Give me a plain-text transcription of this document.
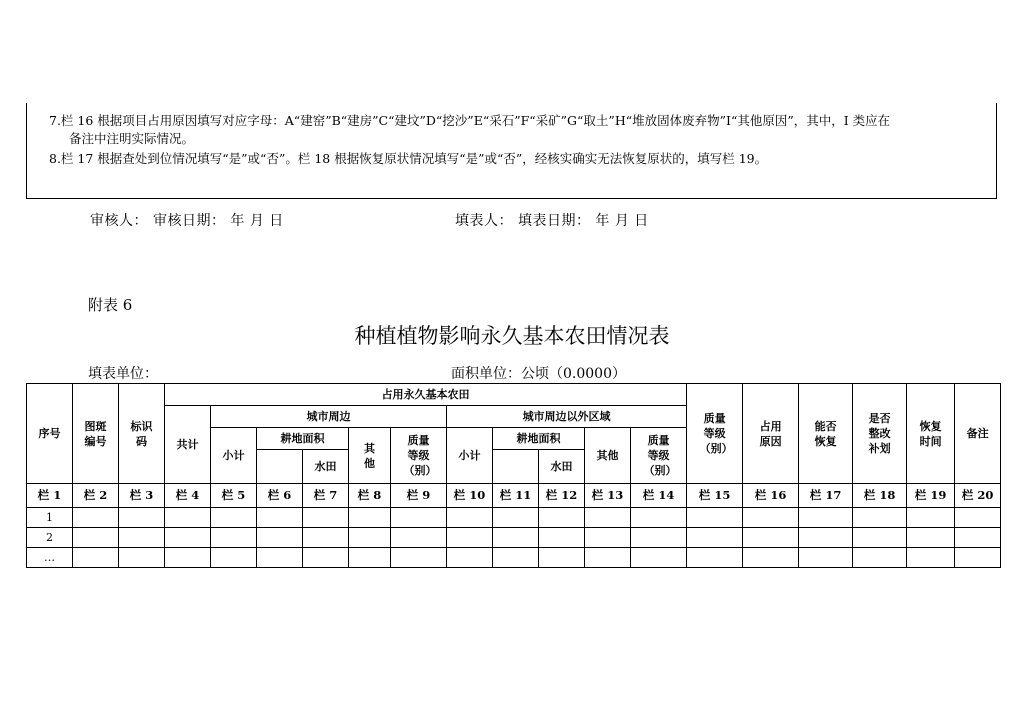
7.栏 16 根据项目占用原因填写对应字母：A“建窑”B“建房”C“建坟”D“挖沙”E“采石”F“采矿”G“取土”H“堆放固体废弃物”I“其他原因”，其中，I 类应在
备注中注明实际情况。
8.栏 17 根据查处到位情况填写“是”或“否”。栏 18 根据恢复原状情况填写“是”或“否”，经核实确实无法恢复原状的，填写栏 19。
审核人： 审核日期： 年 月 日	填表人： 填表日期： 年 月 日
附表 6
种植植物影响永久基本农田情况表
填表单位：	面积单位：公顷（0.0000）
序号	图斑编号	标识码	占用永久基本农田											质量等级（别）	占用原因	能否恢复	是否整改补划	恢复时间	备注
			共计	城市周边					城市周边以外区域										
				小计	耕地面积		其他	质量等级（别）	小计	耕地面积		其他	质量等级（别）						
						水田					水田								
栏 1	栏 2	栏 3	栏 4	栏 5	栏 6	栏 7	栏 8	栏 9	栏 10	栏 11	栏 12	栏 13	栏 14	栏 15	栏 16	栏 17	栏 18	栏 19	栏 20
1																			
2																			
…																			
